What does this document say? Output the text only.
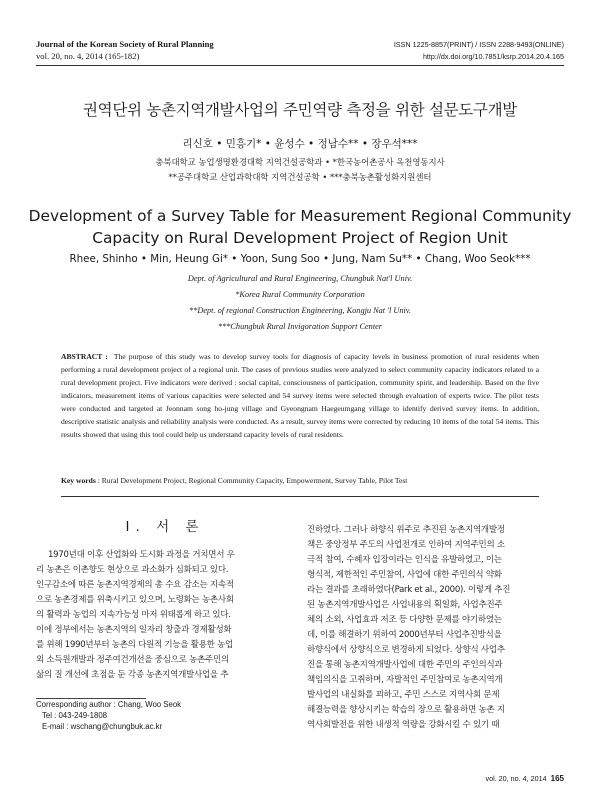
Journal of the Korean Society of Rural Planning
vol. 20, no. 4, 2014 (165-182)
ISSN 1225-8857(PRINT) / ISSN 2288-9493(ONLINE)
http://dx.doi.org/10.7851/ksrp.2014.20.4.165
권역단위 농촌지역개발사업의 주민역량 측정을 위한 설문도구개발
리신호 • 민흥기* • 윤성수 • 정남수** • 장우석***
충북대학교 농업생명환경대학 지역건설공학과 • *한국농어촌공사 옥천영동지사
**공주대학교 산업과학대학 지역건설공학 • ***충북농촌활성화지원센터
Development of a Survey Table for Measurement Regional Community
Capacity on Rural Development Project of Region Unit
Rhee, Shinho • Min, Heung Gi* • Yoon, Sung Soo • Jung, Nam Su** • Chang, Woo Seok***
Dept. of Agricultural and Rural Engineering, Chungbuk Nat'l Univ.
*Korea Rural Community Corporation
**Dept. of regional Construction Engineering, Kongju Nat 'l Univ.
***Chungbuk Rural Invigoration Support Center
ABSTRACT : The purpose of this study was to develop survey tools for diagnosis of capacity levels in business promotion of rural residents when performing a rural development project of a regional unit. The cases of previous studies were analyzed to select community capacity indicators related to a rural development project. Five indicators were derived : social capital, consciousness of participation, community spirit, and leadership. Based on the five indicators, measurement items of various capacities were selected and 54 survey items were selected through evaluation of experts twice. The pilot tests were conducted and targeted at Jeonnam song ho-jung village and Gyeongnam Haegeumgang village to identify derived survey items. In addition, descriptive statistic analysis and reliability analysis were conducted. As a result, survey items were corrected by reducing 10 items of the total 54 items. This results showed that using this tool could help us understand capacity levels of rural residents.
Key words : Rural Development Project, Regional Community Capacity, Empowerment, Survey Table, Pilot Test
I. 서 론
1970년대 이후 산업화와 도시화 과정을 거치면서 우
리 농촌은 이촌향도 현상으로 과소화가 심화되고 있다.
인구감소에 따른 농촌지역경제의 총 수요 감소는 지속적
으로 농촌경제를 위축시키고 있으며, 노령화는 농촌사회
의 활력과 농업의 지속가능성 마저 위태롭게 하고 있다.
이에 정부에서는 농촌지역의 일자리 창출과 경제활성화
를 위해 1990년부터 농촌의 다원적 기능을 활용한 농업
외 소득원개발과 정주여건개선을 중심으로 농촌주민의
삶의 질 개선에 초점을 둔 각종 농촌지역개발사업을 추
진하였다. 그러나 하향식 위주로 추진된 농촌지역개발정
책은 중앙정부 주도의 사업전개로 인하여 지역주민의 소
극적 참여, 수혜자 입장이라는 인식을 유발하였고, 이는
형식적, 제한적인 주민참여, 사업에 대한 주민의식 약화
라는 결과를 초래하였다(Park et al., 2000). 이렇게 추진
된 농촌지역개발사업은 사업내용의 획일화, 사업추진주
체의 소외, 사업효과 저조 등 다양한 문제를 야기하였는
데, 이를 해결하기 위하여 2000년부터 사업추진방식을
하향식에서 상향식으로 변경하게 되었다. 상향식 사업추
진을 통해 농촌지역개발사업에 대한 주민의 주인의식과
책임의식을 고취하며, 자발적인 주민참여로 농촌지역개
발사업의 내실화를 꾀하고, 주민 스스로 지역사회 문제
해결능력을 향상시키는 학습의 장으로 활용하면 농촌 지
역사회발전을 위한 내생적 역량을 강화시킬 수 있기 때
Corresponding author : Chang, Woo Seok
Tel : 043-249-1808
E-mail : wschang@chungbuk.ac.kr
vol. 20, no. 4, 2014 165
